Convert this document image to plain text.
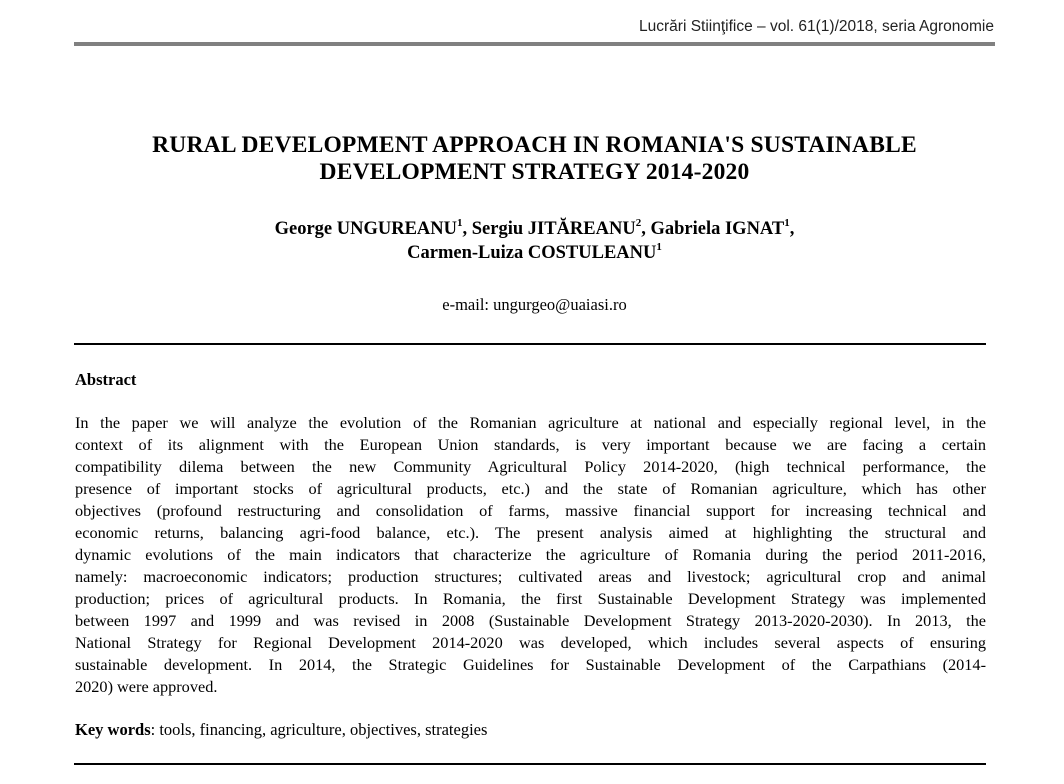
Lucrări Stiinţifice – vol. 61(1)/2018, seria Agronomie
RURAL DEVELOPMENT APPROACH IN ROMANIA'S SUSTAINABLE
DEVELOPMENT STRATEGY 2014-2020
George UNGUREANU$^1$, Sergiu JITĂREANU$^2$, Gabriela IGNAT$^1$,
Carmen-Luiza COSTULEANU$^1$
e-mail: ungurgeo@uaiasi.ro
Abstract
In the paper we will analyze the evolution of the Romanian agriculture at national and especially regional level, in the
context of its alignment with the European Union standards, is very important because we are facing a certain
compatibility dilema between the new Community Agricultural Policy 2014-2020, (high technical performance, the
presence of important stocks of agricultural products, etc.) and the state of Romanian agriculture, which has other
objectives (profound restructuring and consolidation of farms, massive financial support for increasing technical and
economic returns, balancing agri-food balance, etc.). The present analysis aimed at highlighting the structural and
dynamic evolutions of the main indicators that characterize the agriculture of Romania during the period 2011-2016,
namely: macroeconomic indicators; production structures; cultivated areas and livestock; agricultural crop and animal
production; prices of agricultural products. In Romania, the first Sustainable Development Strategy was implemented
between 1997 and 1999 and was revised in 2008 (Sustainable Development Strategy 2013-2020-2030). In 2013, the
National Strategy for Regional Development 2014-2020 was developed, which includes several aspects of ensuring
sustainable development. In 2014, the Strategic Guidelines for Sustainable Development of the Carpathians (2014-
2020) were approved.
Key words: tools, financing, agriculture, objectives, strategies
